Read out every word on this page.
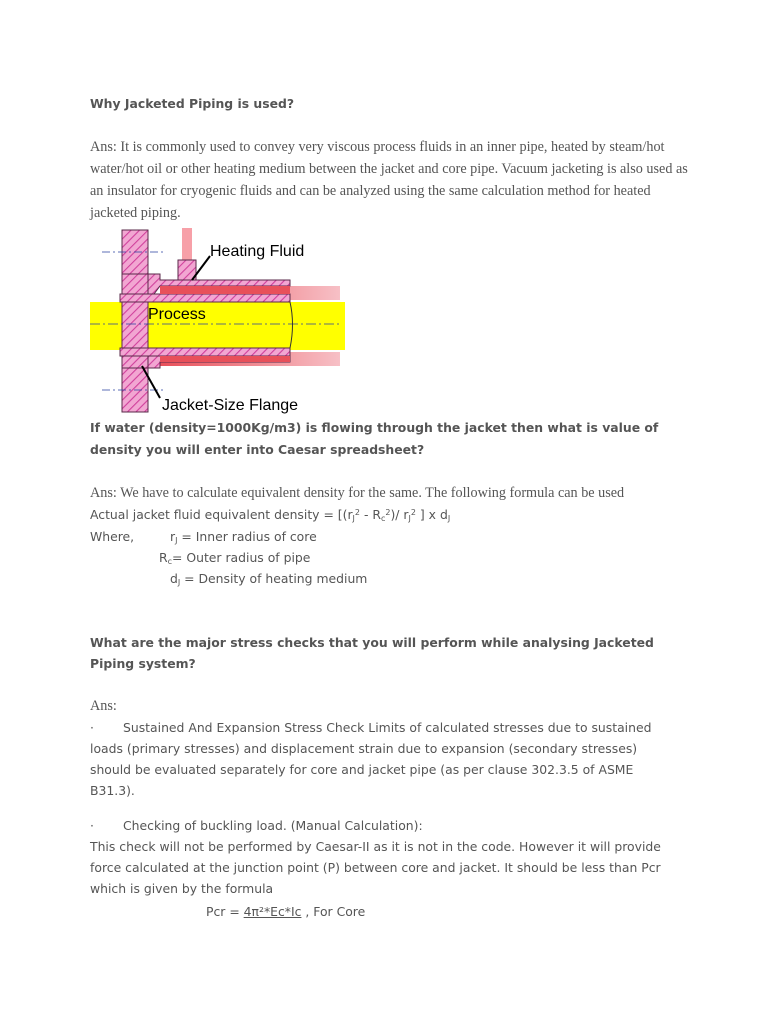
Why Jacketed Piping is used?
Ans: It is commonly used to convey very viscous process fluids in an inner pipe, heated by steam/hot
water/hot oil or other heating medium between the jacket and core pipe. Vacuum jacketing is also used as
an insulator for cryogenic fluids and can be analyzed using the same calculation method for heated
jacketed piping.
Heating Fluid
Process
Jacket-Size Flange
If water (density=1000Kg/m3) is flowing through the jacket then what is value of
density you will enter into Caesar spreadsheet?
Ans: We have to calculate equivalent density for the same. The following formula can be used
Actual jacket fluid equivalent density = [$(r_J^2 - R_c^2)/$ $r_J^2$ ] x $d_J$
Where,	$r_J$ = Inner radius of core
$R_c=$ Outer radius of pipe
$d_J$ = Density of heating medium
What are the major stress checks that you will perform while analysing Jacketed
Piping system?
Ans:
· Sustained And Expansion Stress Check Limits of calculated stresses due to sustained
loads (primary stresses) and displacement strain due to expansion (secondary stresses)
should be evaluated separately for core and jacket pipe (as per clause 302.3.5 of ASME
B31.3).
· Checking of buckling load. (Manual Calculation):
This check will not be performed by Caesar-II as it is not in the code. However it will provide
force calculated at the junction point (P) between core and jacket. It should be less than Pcr
which is given by the formula
Pcr = 4π²*Ec*Ic , For Core
